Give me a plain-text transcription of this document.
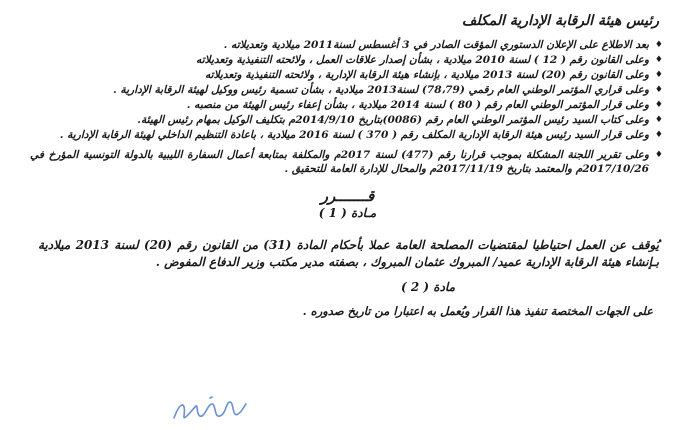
رئيس هيئة الرقابة الإدارية المكلف
♦
بعد الاطلاع على الإعلان الدستوري المؤقت الصادر في 3 أغسطس لسنة2011 ميلادية وتعديلاته .
♦
وعلى القانون رقم ( 12 ) لسنة 2010 ميلادية ، بشأن إصدار علاقات العمل ، ولائحته التنفيذية وتعديلاته
♦
وعلى القانون رقم (20) لسنة 2013 ميلادية ، بإنشاء هيئة الرقابة الإدارية ، ولائحته التنفيذية وتعديلاته
♦
وعلى قراري المؤتمر الوطني العام رقمي (78،79) لسنة2013 ميلادية ، بشأن تسمية رئيس ووكيل لهيئة الرقابة الإدارية .
♦
وعلى قرار المؤتمر الوطني العام رقم ( 80 ) لسنة 2014 ميلادية ، بشأن إعفاء رئيس الهيئة من منصبه .
♦
وعلى كتاب السيد رئيس المؤتمر الوطني العام رقم (0086)بتاريخ 2014/9/10م بتكليف الوكيل بمهام رئيس الهيئة.
♦
وعلى قرار السيد رئيس هيئة الرقابة الإدارية المكلف رقم ( 370 ) لسنة 2016 ميلادية ، باعادة التنظيم الداخلي لهيئة الرقابة الإدارية .
♦
وعلى تقرير اللجنة المشكلة بموجب قرارنا رقم (477) لسنة 2017م والمكلفة بمتابعة أعمال السفارة الليبية بالدولة التونسية المؤرخ في 2017/10/26م والمعتمد بتاريخ 2017/11/19م والمحال للإدارة العامة للتحقيق .
قـــــــرر
مـادة ( 1 )
يُوقف عن العمل احتياطيا لمقتضيات المصلحة العامة عملا بأحكام المادة (31) من القانون رقم (20) لسنة 2013 ميلادية بـإنشاء هيئة الرقابة الإدارية عميد/ المبروك عثمان المبروك ، بصفته مدير مكتب وزير الدفاع المفوض .
مادة ( 2 )
على الجهات المختصة تنفيذ هذا القرار ويُعمل به اعتبارا من تاريخ صدوره .
